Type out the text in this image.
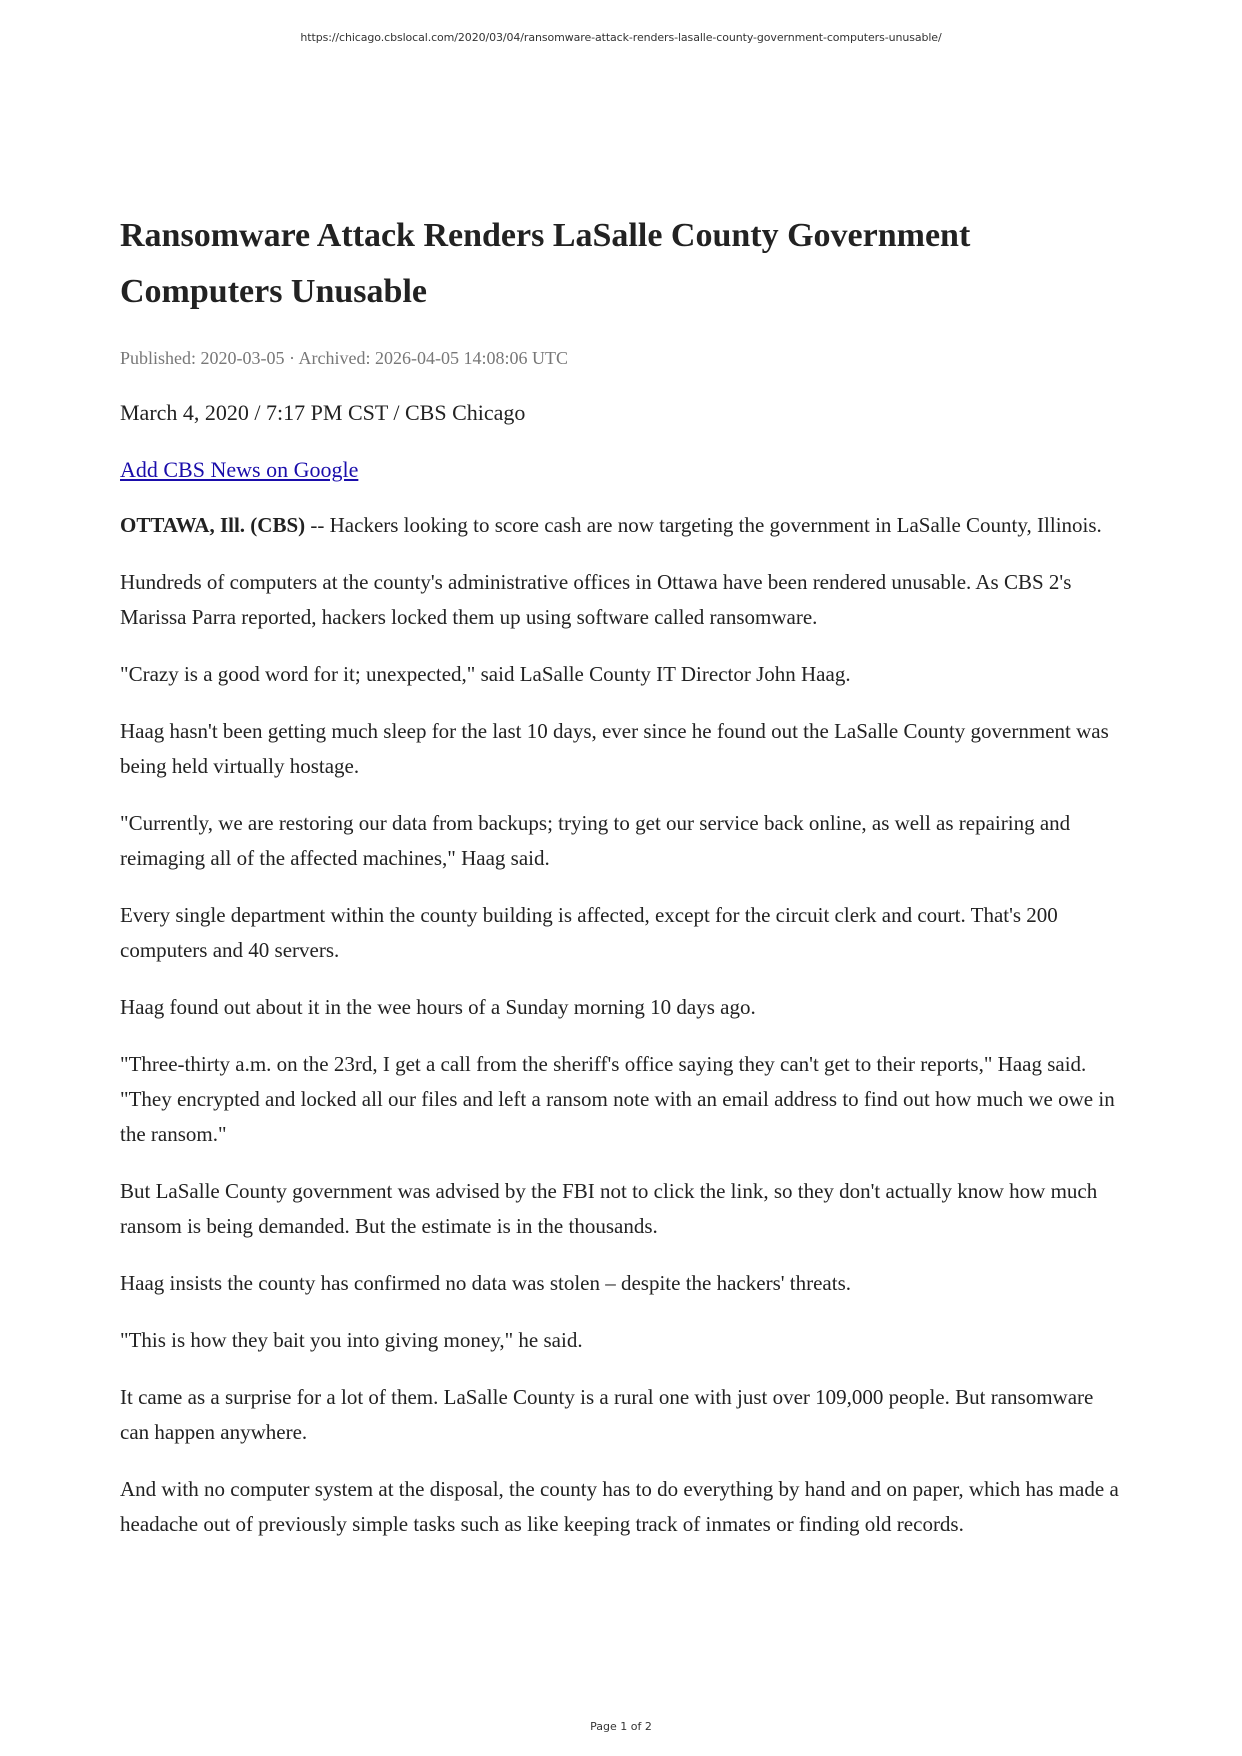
https://chicago.cbslocal.com/2020/03/04/ransomware-attack-renders-lasalle-county-government-computers-unusable/
Ransomware Attack Renders LaSalle County Government Computers Unusable
Published: 2020-03-05 · Archived: 2026-04-05 14:08:06 UTC
March 4, 2020 / 7:17 PM CST / CBS Chicago
Add CBS News on Google

OTTAWA, Ill. (CBS) -- Hackers looking to score cash are now targeting the government in LaSalle County, Illinois.

Hundreds of computers at the county's administrative offices in Ottawa have been rendered unusable. As CBS 2's Marissa Parra reported, hackers locked them up using software called ransomware.

"Crazy is a good word for it; unexpected," said LaSalle County IT Director John Haag.

Haag hasn't been getting much sleep for the last 10 days, ever since he found out the LaSalle County government was being held virtually hostage.

"Currently, we are restoring our data from backups; trying to get our service back online, as well as repairing and reimaging all of the affected machines," Haag said.

Every single department within the county building is affected, except for the circuit clerk and court. That's 200 computers and 40 servers.

Haag found out about it in the wee hours of a Sunday morning 10 days ago.

"Three-thirty a.m. on the 23rd, I get a call from the sheriff's office saying they can't get to their reports," Haag said. "They encrypted and locked all our files and left a ransom note with an email address to find out how much we owe in the ransom."

But LaSalle County government was advised by the FBI not to click the link, so they don't actually know how much ransom is being demanded. But the estimate is in the thousands.

Haag insists the county has confirmed no data was stolen – despite the hackers' threats.

"This is how they bait you into giving money," he said.

It came as a surprise for a lot of them. LaSalle County is a rural one with just over 109,000 people. But ransomware can happen anywhere.

And with no computer system at the disposal, the county has to do everything by hand and on paper, which has made a headache out of previously simple tasks such as like keeping track of inmates or finding old records.

Page 1 of 2
